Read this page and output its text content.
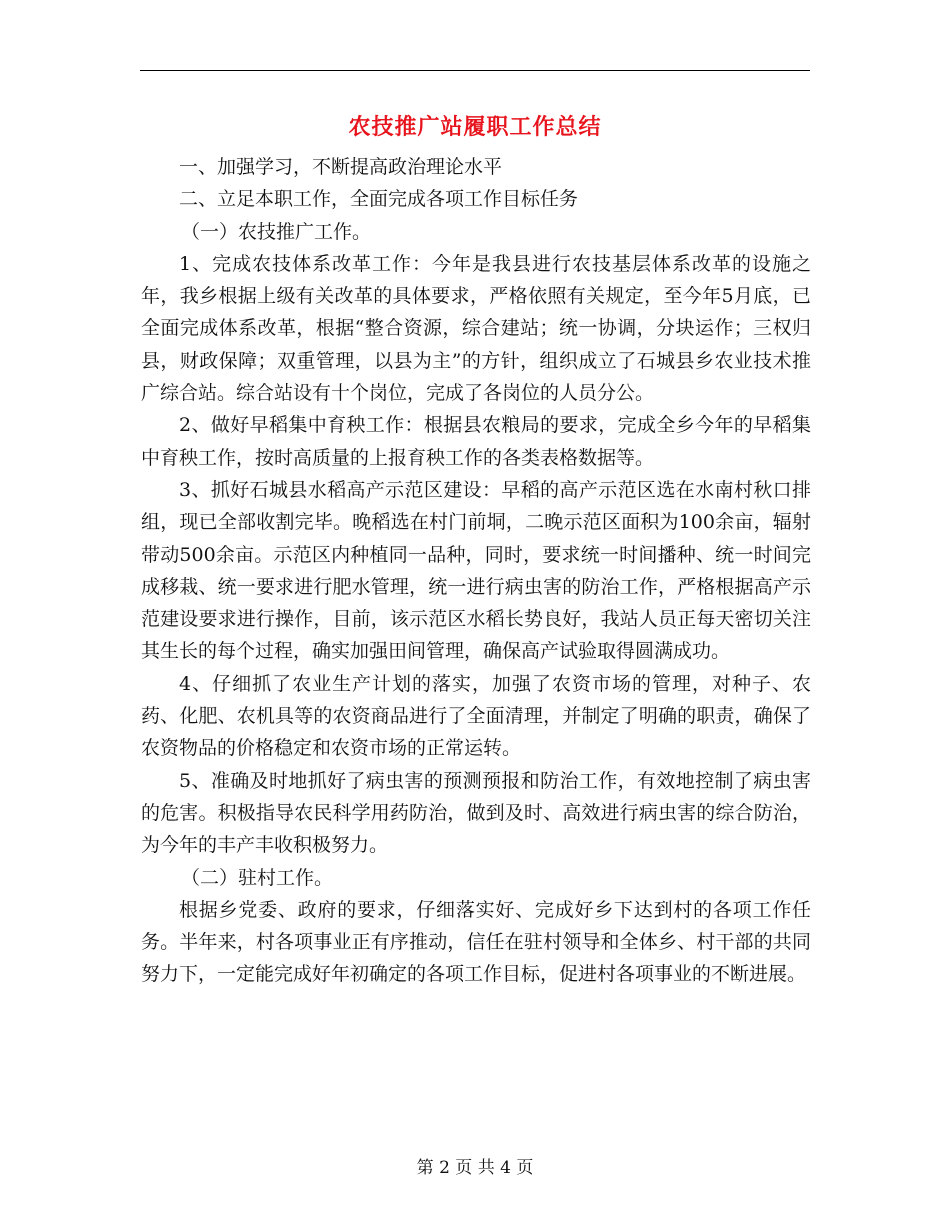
农技推广站履职工作总结

一、加强学习，不断提高政治理论水平

二、立足本职工作，全面完成各项工作目标任务

（一）农技推广工作。

1、完成农技体系改革工作：今年是我县进行农技基层体系改革的设施之年，我乡根据上级有关改革的具体要求，严格依照有关规定，至今年5月底，已全面完成体系改革，根据“整合资源，综合建站；统一协调，分块运作；三权归县，财政保障；双重管理，以县为主”的方针，组织成立了石城县乡农业技术推广综合站。综合站设有十个岗位，完成了各岗位的人员分公。

2、做好早稻集中育秧工作：根据县农粮局的要求，完成全乡今年的早稻集中育秧工作，按时高质量的上报育秧工作的各类表格数据等。

3、抓好石城县水稻高产示范区建设：早稻的高产示范区选在水南村秋口排组，现已全部收割完毕。晚稻选在村门前垌，二晚示范区面积为100余亩，辐射带动500余亩。示范区内种植同一品种，同时，要求统一时间播种、统一时间完成移栽、统一要求进行肥水管理，统一进行病虫害的防治工作，严格根据高产示范建设要求进行操作，目前，该示范区水稻长势良好，我站人员正每天密切关注其生长的每个过程，确实加强田间管理，确保高产试验取得圆满成功。

4、仔细抓了农业生产计划的落实，加强了农资市场的管理，对种子、农药、化肥、农机具等的农资商品进行了全面清理，并制定了明确的职责，确保了农资物品的价格稳定和农资市场的正常运转。

5、准确及时地抓好了病虫害的预测预报和防治工作，有效地控制了病虫害的危害。积极指导农民科学用药防治，做到及时、高效进行病虫害的综合防治，为今年的丰产丰收积极努力。

（二）驻村工作。

根据乡党委、政府的要求，仔细落实好、完成好乡下达到村的各项工作任务。半年来，村各项事业正有序推动，信任在驻村领导和全体乡、村干部的共同努力下，一定能完成好年初确定的各项工作目标，促进村各项事业的不断进展。

第 2 页 共 4 页
